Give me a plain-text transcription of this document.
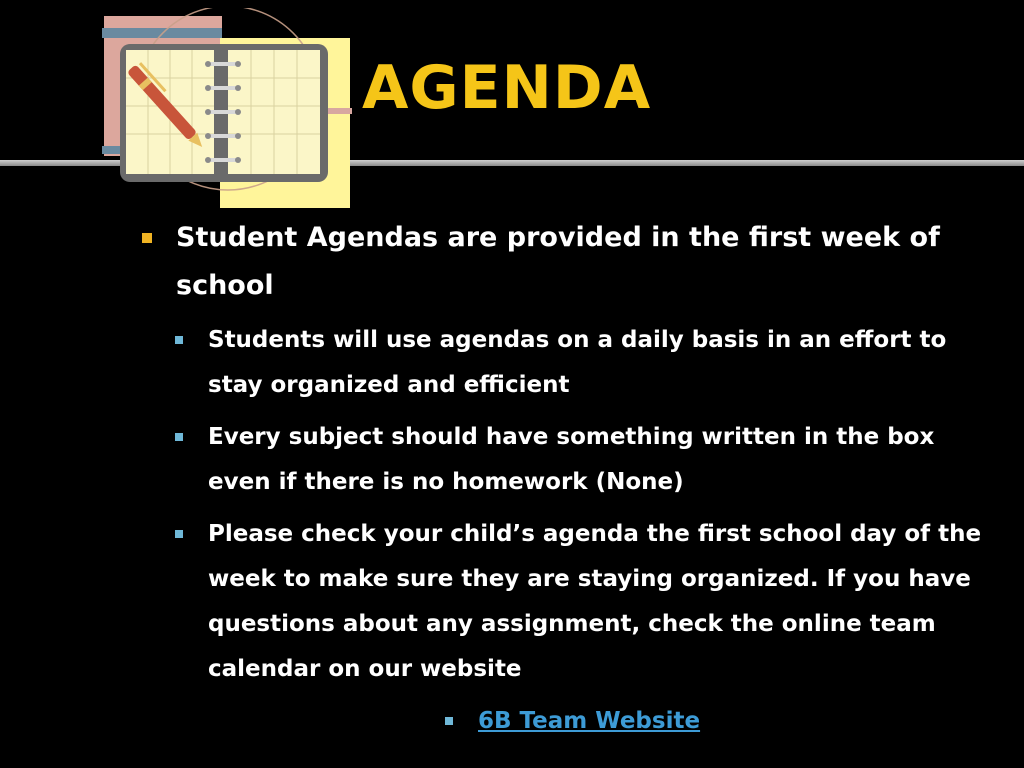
AGENDA
Student Agendas are provided in the first week of school
Students will use agendas on a daily basis in an effort to stay organized and efficient
Every subject should have something written in the box even if there is no homework (None)
Please check your child’s agenda the first school day of the week to make sure they are staying organized. If you have questions about any assignment, check the online team calendar on our website
6B Team Website
